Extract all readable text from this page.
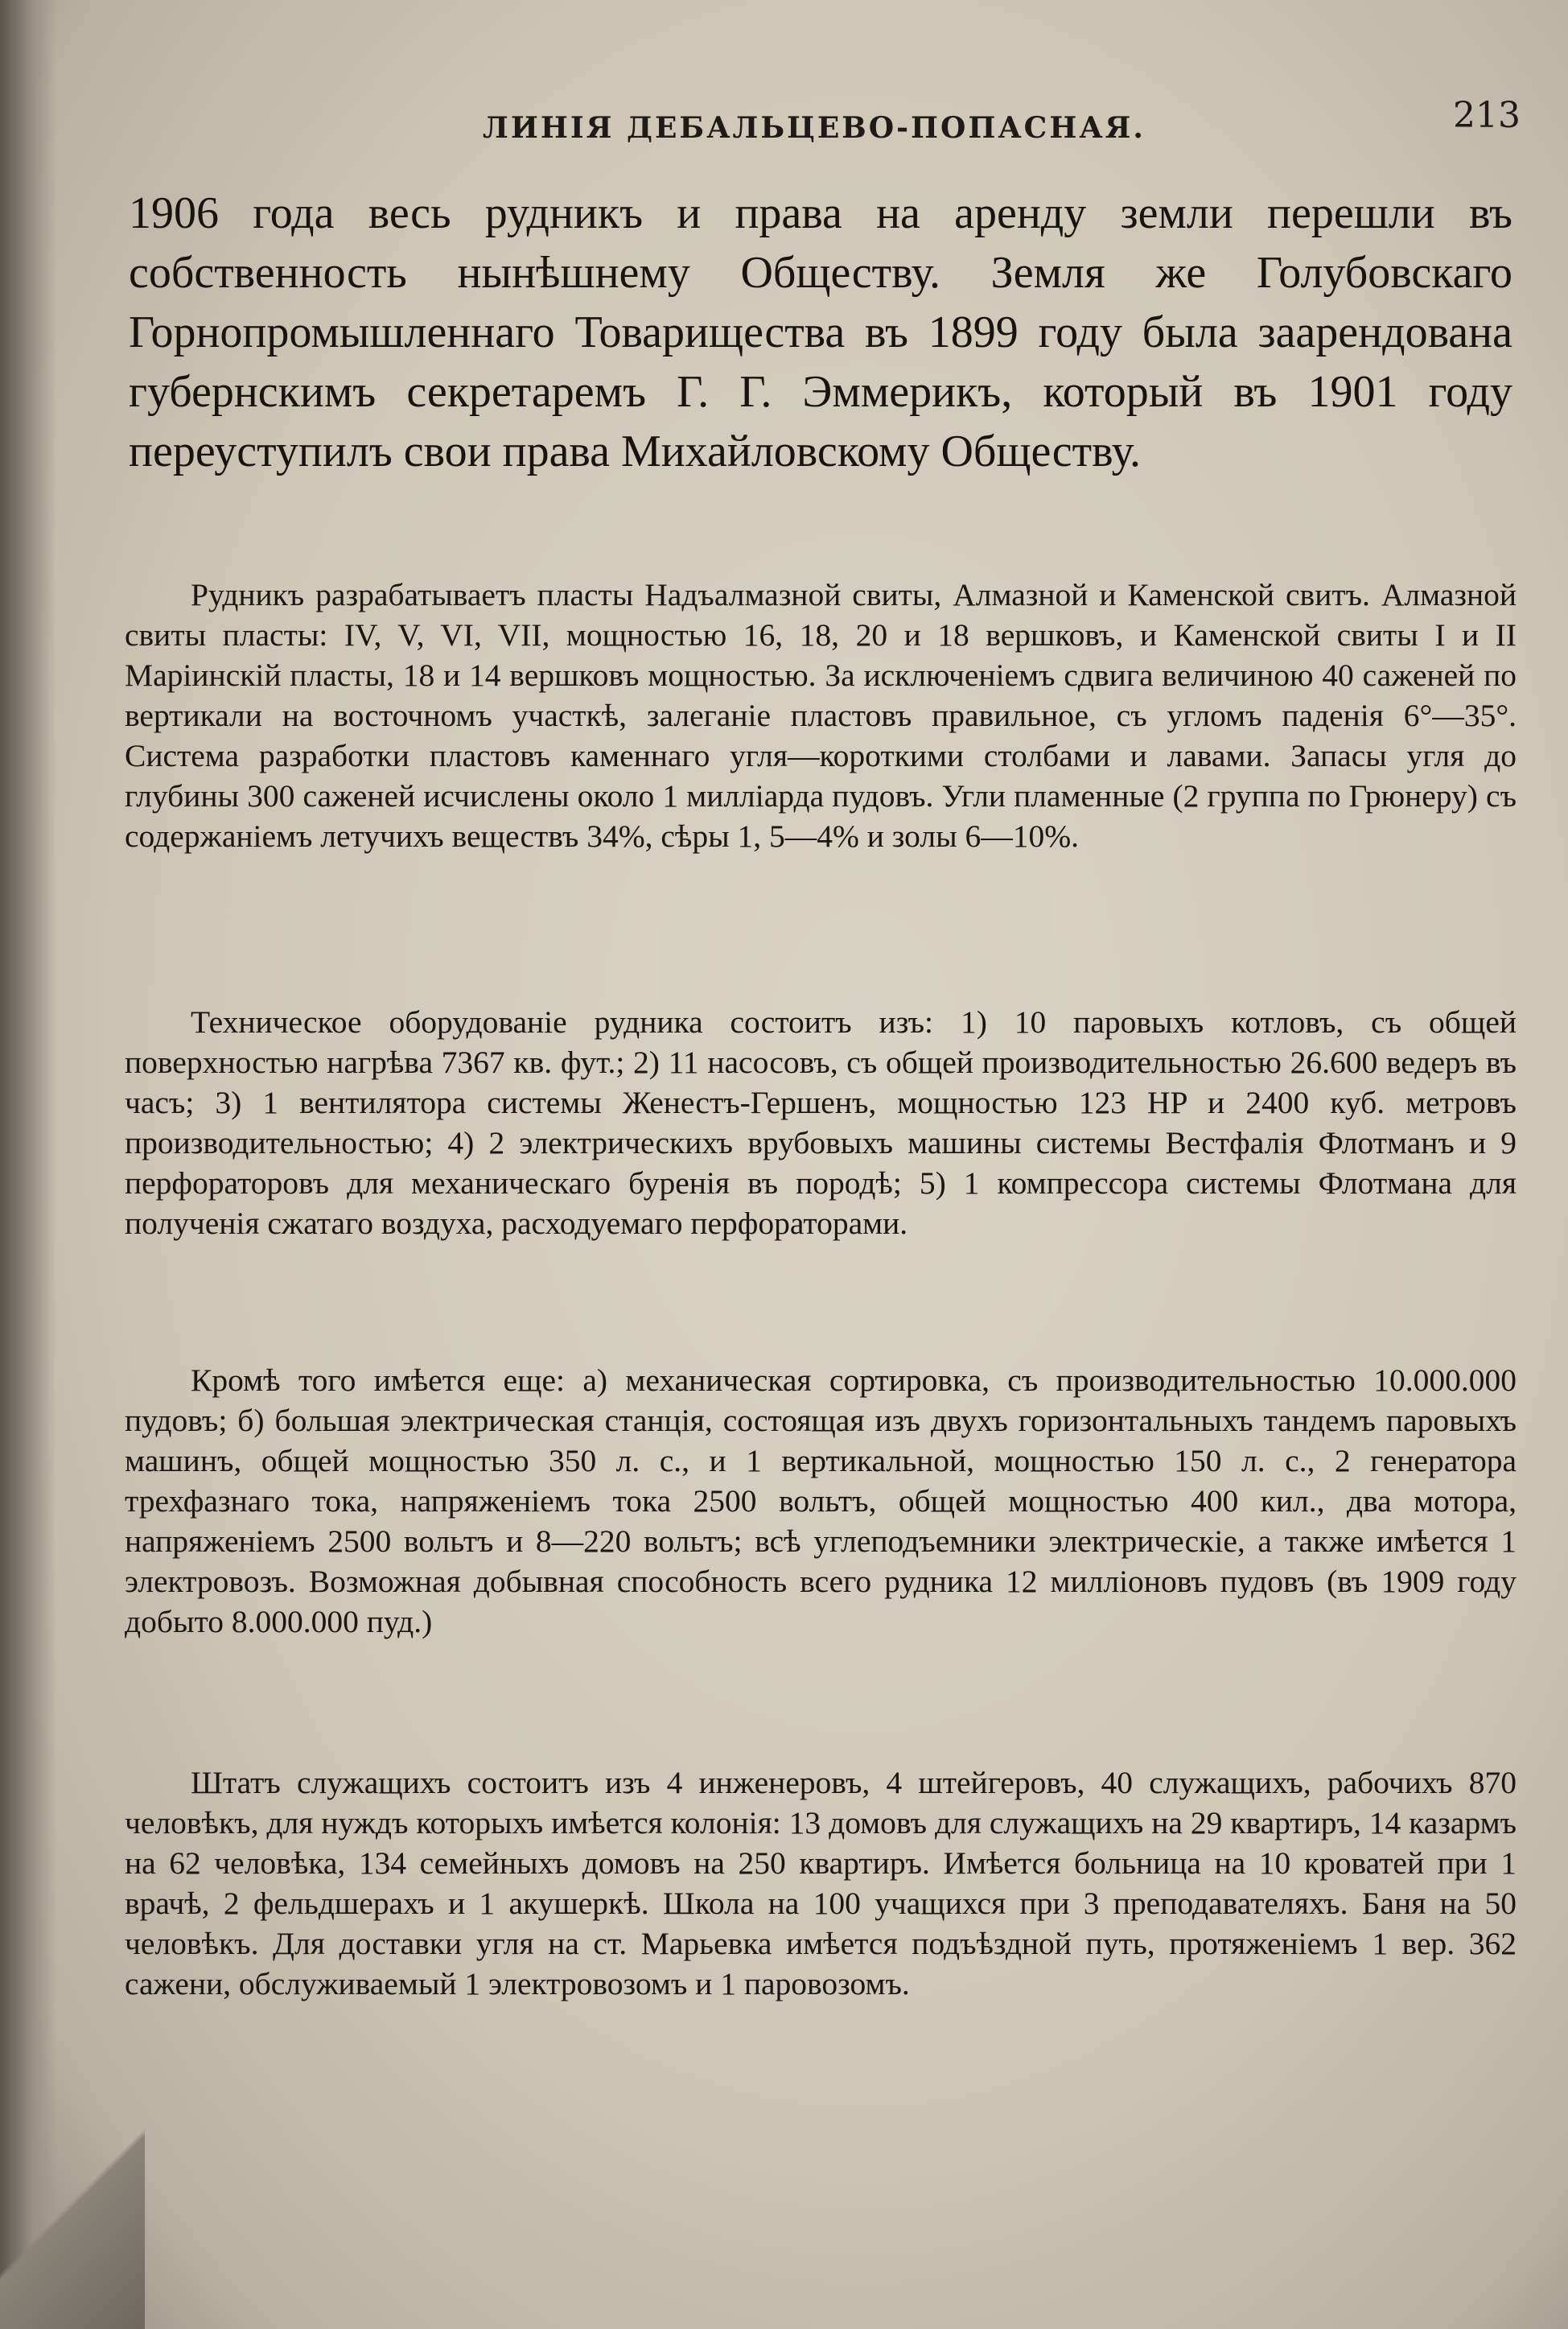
ЛИНІЯ ДЕБАЛЬЦЕВО-ПОПАСНАЯ.	213
1906 года весь рудникъ и права на аренду земли перешли въ собственность нынѣшнему Обществу. Земля же Голубовскаго Горнопромышленнаго Товарищества въ 1899 году была заарендована губернскимъ секретаремъ Г. Г. Эммерикъ, который въ 1901 году переуступилъ свои права Михайловскому Обществу.
Рудникъ разрабатываетъ пласты Надъалмазной свиты, Алмазной и Каменской свитъ. Алмазной свиты пласты: IV, V, VI, VII, мощностью 16, 18, 20 и 18 вершковъ, и Каменской свиты I и II Маріинскій пласты, 18 и 14 вершковъ мощностью. За исключеніемъ сдвига величиною 40 саженей по вертикали на восточномъ участкѣ, залеганіе пластовъ правильное, съ угломъ паденія 6°—35°. Система разработки пластовъ каменнаго угля—короткими столбами и лавами. Запасы угля до глубины 300 саженей исчислены около 1 миллiарда пудовъ. Угли пламенные (2 группа по Грюнеру) съ содержаніемъ летучихъ веществъ 34%, сѣры 1, 5—4% и золы 6—10%.
Техническое оборудованіе рудника состоитъ изъ: 1) 10 паровыхъ котловъ, съ общей поверхностью нагрѣва 7367 кв. фут.; 2) 11 насосовъ, съ общей производительностью 26.600 ведеръ въ часъ; 3) 1 вентилятора системы Женестъ-Гершенъ, мощностью 123 HP и 2400 куб. метровъ производительностью; 4) 2 электрическихъ врубовыхъ машины системы Вестфалія Флотманъ и 9 перфораторовъ для механическаго буренія въ породѣ; 5) 1 компрессора системы Флотмана для полученія сжатаго воздуха, расходуемаго перфораторами.
Кромѣ того имѣется еще: а) механическая сортировка, съ производительностью 10.000.000 пудовъ; б) большая электрическая станція, состоящая изъ двухъ горизонтальныхъ тандемъ паровыхъ машинъ, общей мощностью 350 л. с., и 1 вертикальной, мощностью 150 л. с., 2 генератора трехфазнаго тока, напряженіемъ тока 2500 вольтъ, общей мощностью 400 кил., два мотора, напряженіемъ 2500 вольтъ и 8—220 вольтъ; всѣ углеподъемники электрическіе, а также имѣется 1 электровозъ. Возможная добывная способность всего рудника 12 миллiоновъ пудовъ (въ 1909 году добыто 8.000.000 пуд.)
Штатъ служащихъ состоитъ изъ 4 инженеровъ, 4 штейгеровъ, 40 служащихъ, рабочихъ 870 человѣкъ, для нуждъ которыхъ имѣется колонія: 13 домовъ для служащихъ на 29 квартиръ, 14 казармъ на 62 человѣка, 134 семейныхъ домовъ на 250 квартиръ. Имѣется больница на 10 кроватей при 1 врачѣ, 2 фельдшерахъ и 1 акушеркѣ. Школа на 100 учащихся при 3 преподавателяхъ. Баня на 50 человѣкъ. Для доставки угля на ст. Марьевка имѣется подъѣздной путь, протяженіемъ 1 вер. 362 сажени, обслуживаемый 1 электровозомъ и 1 паровозомъ.
